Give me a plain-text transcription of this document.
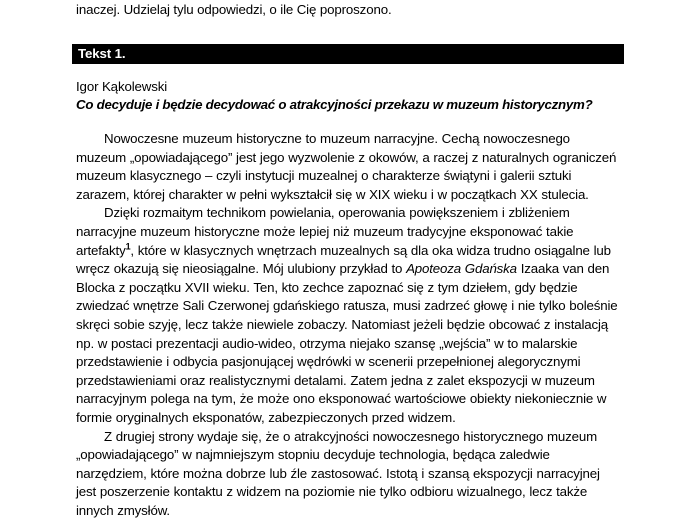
inaczej. Udzielaj tylu odpowiedzi, o ile Cię poproszono.

Tekst 1.

Igor Kąkolewski

Co decyduje i będzie decydować o atrakcyjności przekazu w muzeum historycznym?

Nowoczesne muzeum historyczne to muzeum narracyjne. Cechą nowoczesnego muzeum „opowiadającego” jest jego wyzwolenie z okowów, a raczej z naturalnych ograniczeń muzeum klasycznego – czyli instytucji muzealnej o charakterze świątyni i galerii sztuki zarazem, której charakter w pełni wykształcił się w XIX wieku i w początkach XX stulecia.

Dzięki rozmaitym technikom powielania, operowania powiększeniem i zbliżeniem narracyjne muzeum historyczne może lepiej niż muzeum tradycyjne eksponować takie artefakty$^1$, które w klasycznych wnętrzach muzealnych są dla oka widza trudno osiągalne lub wręcz okazują się nieosiągalne. Mój ulubiony przykład to Apoteoza Gdańska Izaaka van den Blocka z początku XVII wieku. Ten, kto zechce zapoznać się z tym dziełem, gdy będzie zwiedzać wnętrze Sali Czerwonej gdańskiego ratusza, musi zadrzeć głowę i nie tylko boleśnie skręci sobie szyję, lecz także niewiele zobaczy. Natomiast jeżeli będzie obcować z instalacją np. w postaci prezentacji audio-wideo, otrzyma niejako szansę „wejścia” w to malarskie przedstawienie i odbycia pasjonującej wędrówki w scenerii przepełnionej alegorycznymi przedstawieniami oraz realistycznymi detalami. Zatem jedna z zalet ekspozycji w muzeum narracyjnym polega na tym, że może ono eksponować wartościowe obiekty niekoniecznie w formie oryginalnych eksponatów, zabezpieczonych przed widzem.

Z drugiej strony wydaje się, że o atrakcyjności nowoczesnego historycznego muzeum „opowiadającego” w najmniejszym stopniu decyduje technologia, będąca zaledwie narzędziem, które można dobrze lub źle zastosować. Istotą i szansą ekspozycji narracyjnej jest poszerzenie kontaktu z widzem na poziomie nie tylko odbioru wizualnego, lecz także innych zmysłów.
